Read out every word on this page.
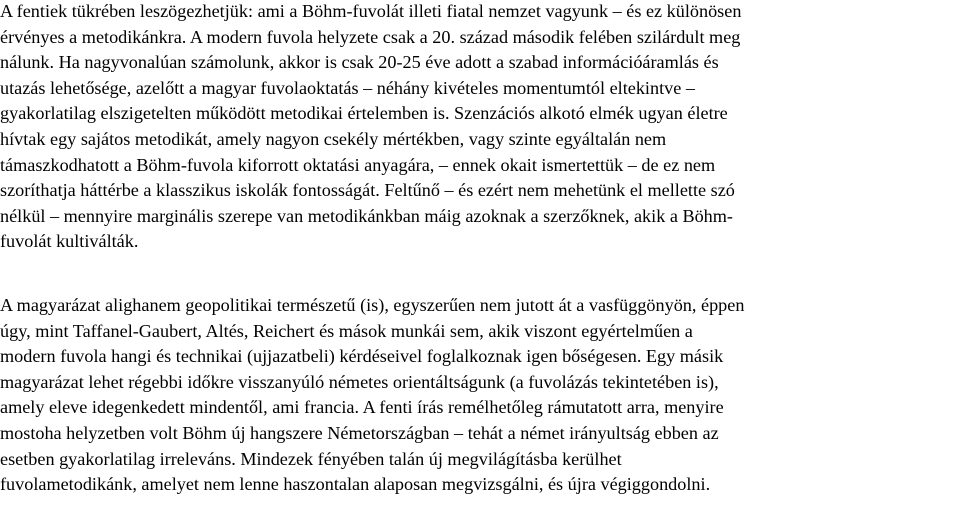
A fentiek tükrében leszögezhetjük: ami a Böhm-fuvolát illeti fiatal nemzet vagyunk – és ez különösen
érvényes a metodikánkra. A modern fuvola helyzete csak a 20. század második felében szilárdult meg
nálunk. Ha nagyvonalúan számolunk, akkor is csak 20-25 éve adott a szabad információáramlás és
utazás lehetősége, azelőtt a magyar fuvolaoktatás – néhány kivételes momentumtól eltekintve –
gyakorlatilag elszigetelten működött metodikai értelemben is. Szenzációs alkotó elmék ugyan életre
hívtak egy sajátos metodikát, amely nagyon csekély mértékben, vagy szinte egyáltalán nem
támaszkodhatott a Böhm-fuvola kiforrott oktatási anyagára, – ennek okait ismertettük – de ez nem
szoríthatja háttérbe a klasszikus iskolák fontosságát. Feltűnő – és ezért nem mehetünk el mellette szó
nélkül – mennyire marginális szerepe van metodikánkban máig azoknak a szerzőknek, akik a Böhm-
fuvolát kultiválták.
A magyarázat alighanem geopolitikai természetű (is), egyszerűen nem jutott át a vasfüggönyön, éppen
úgy, mint Taffanel-Gaubert, Altés, Reichert és mások munkái sem, akik viszont egyértelműen a
modern fuvola hangi és technikai (ujjazatbeli) kérdéseivel foglalkoznak igen bőségesen. Egy másik
magyarázat lehet régebbi időkre visszanyúló németes orientáltságunk (a fuvolázás tekintetében is),
amely eleve idegenkedett mindentől, ami francia. A fenti írás remélhetőleg rámutatott arra, menyire
mostoha helyzetben volt Böhm új hangszere Németországban – tehát a német irányultság ebben az
esetben gyakorlatilag irreleváns. Mindezek fényében talán új megvilágításba kerülhet
fuvolametodikánk, amelyet nem lenne haszontalan alaposan megvizsgálni, és újra végiggondolni.
